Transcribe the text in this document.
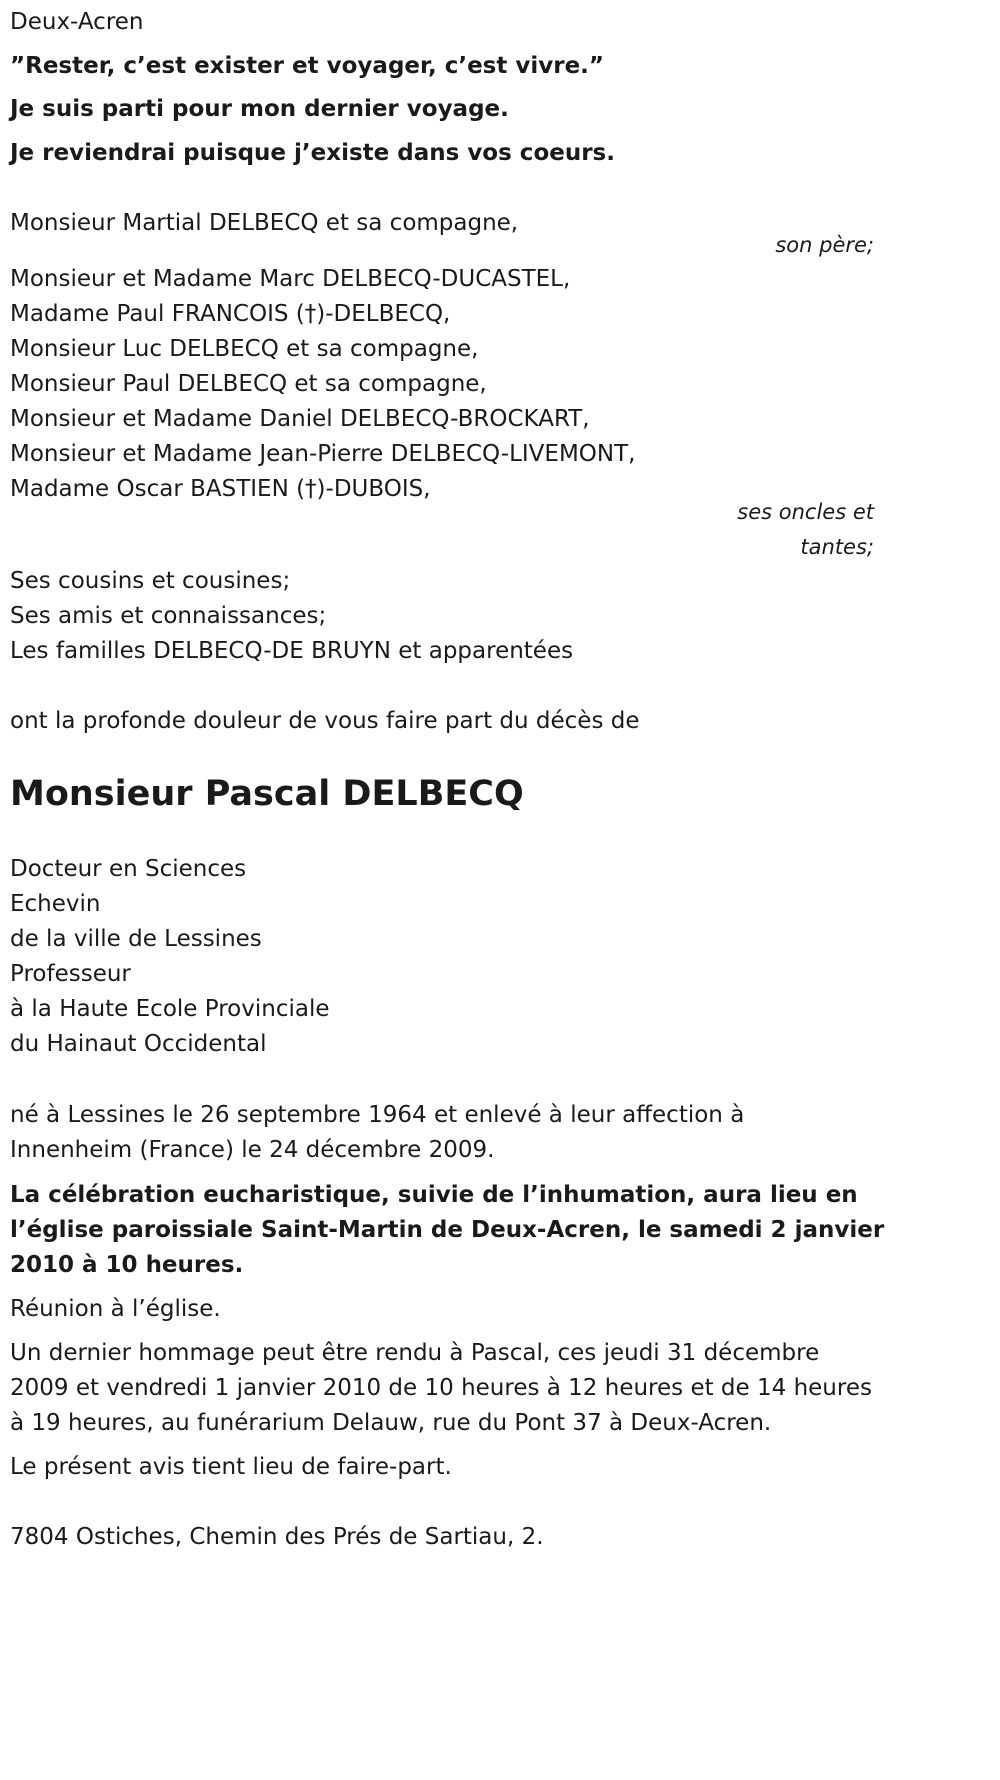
Deux-Acren
”Rester, c’est exister et voyager, c’est vivre.”
Je suis parti pour mon dernier voyage.
Je reviendrai puisque j’existe dans vos coeurs.
Monsieur Martial DELBECQ et sa compagne,
son père;
Monsieur et Madame Marc DELBECQ-DUCASTEL,
Madame Paul FRANCOIS (†)-DELBECQ,
Monsieur Luc DELBECQ et sa compagne,
Monsieur Paul DELBECQ et sa compagne,
Monsieur et Madame Daniel DELBECQ-BROCKART,
Monsieur et Madame Jean-Pierre DELBECQ-LIVEMONT,
Madame Oscar BASTIEN (†)-DUBOIS,
ses oncles et
tantes;
Ses cousins et cousines;
Ses amis et connaissances;
Les familles DELBECQ-DE BRUYN et apparentées
ont la profonde douleur de vous faire part du décès de
Monsieur Pascal DELBECQ
Docteur en Sciences
Echevin
de la ville de Lessines
Professeur
à la Haute Ecole Provinciale
du Hainaut Occidental
né à Lessines le 26 septembre 1964 et enlevé à leur affection à
Innenheim (France) le 24 décembre 2009.
La célébration eucharistique, suivie de l’inhumation, aura lieu en
l’église paroissiale Saint-Martin de Deux-Acren, le samedi 2 janvier
2010 à 10 heures.
Réunion à l’église.
Un dernier hommage peut être rendu à Pascal, ces jeudi 31 décembre
2009 et vendredi 1 janvier 2010 de 10 heures à 12 heures et de 14 heures
à 19 heures, au funérarium Delauw, rue du Pont 37 à Deux-Acren.
Le présent avis tient lieu de faire-part.
7804 Ostiches, Chemin des Prés de Sartiau, 2.
